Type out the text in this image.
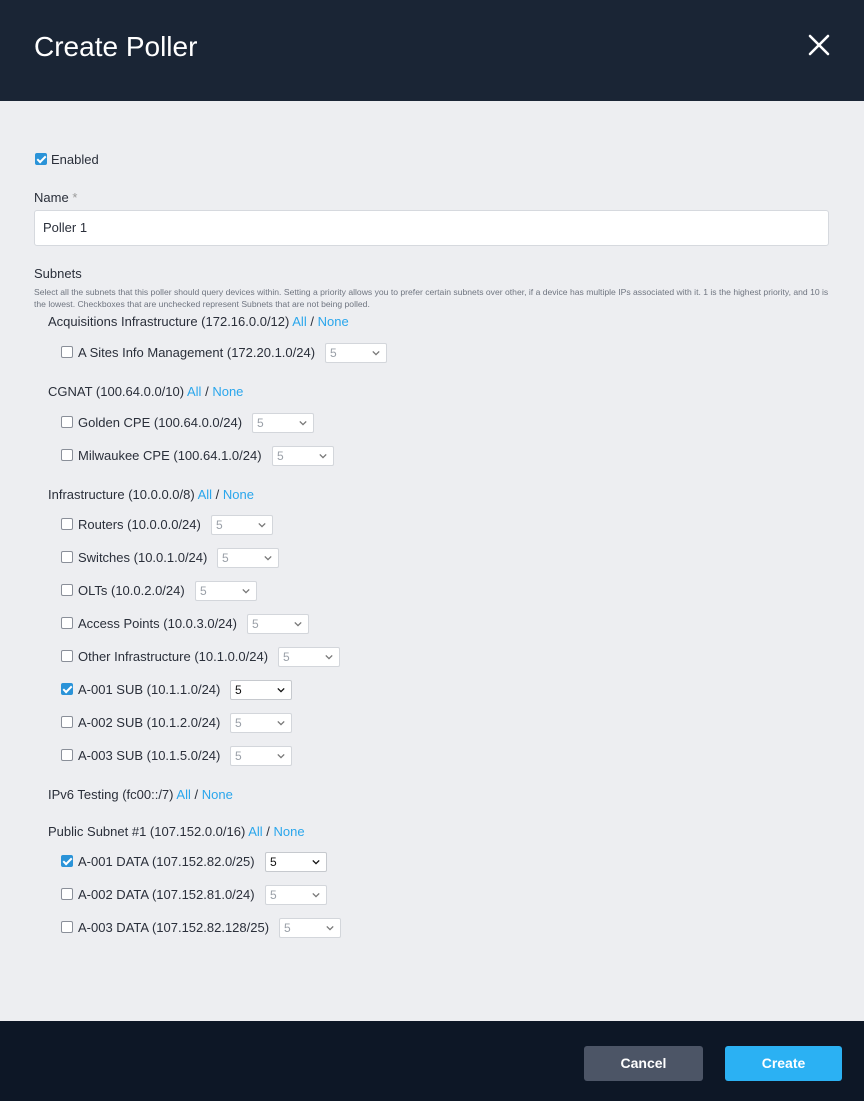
Create Poller
Enabled
Name *
Poller 1
Subnets
Select all the subnets that this poller should query devices within. Setting a priority allows you to prefer certain subnets over other, if a device has multiple IPs associated with it. 1 is the highest priority, and 10 is the lowest. Checkboxes that are unchecked represent Subnets that are not being polled.
Acquisitions Infrastructure (172.16.0.0/12) All / None
A Sites Info Management (172.20.1.0/24)	5
CGNAT (100.64.0.0/10) All / None
Golden CPE (100.64.0.0/24)	5
Milwaukee CPE (100.64.1.0/24)	5
Infrastructure (10.0.0.0/8) All / None
Routers (10.0.0.0/24)	5
Switches (10.0.1.0/24)	5
OLTs (10.0.2.0/24)	5
Access Points (10.0.3.0/24)	5
Other Infrastructure (10.1.0.0/24)	5
A-001 SUB (10.1.1.0/24)	5
A-002 SUB (10.1.2.0/24)	5
A-003 SUB (10.1.5.0/24)	5
IPv6 Testing (fc00::/7) All / None
Public Subnet #1 (107.152.0.0/16) All / None
A-001 DATA (107.152.82.0/25)	5
A-002 DATA (107.152.81.0/24)	5
A-003 DATA (107.152.82.128/25)	5
Cancel	Create
